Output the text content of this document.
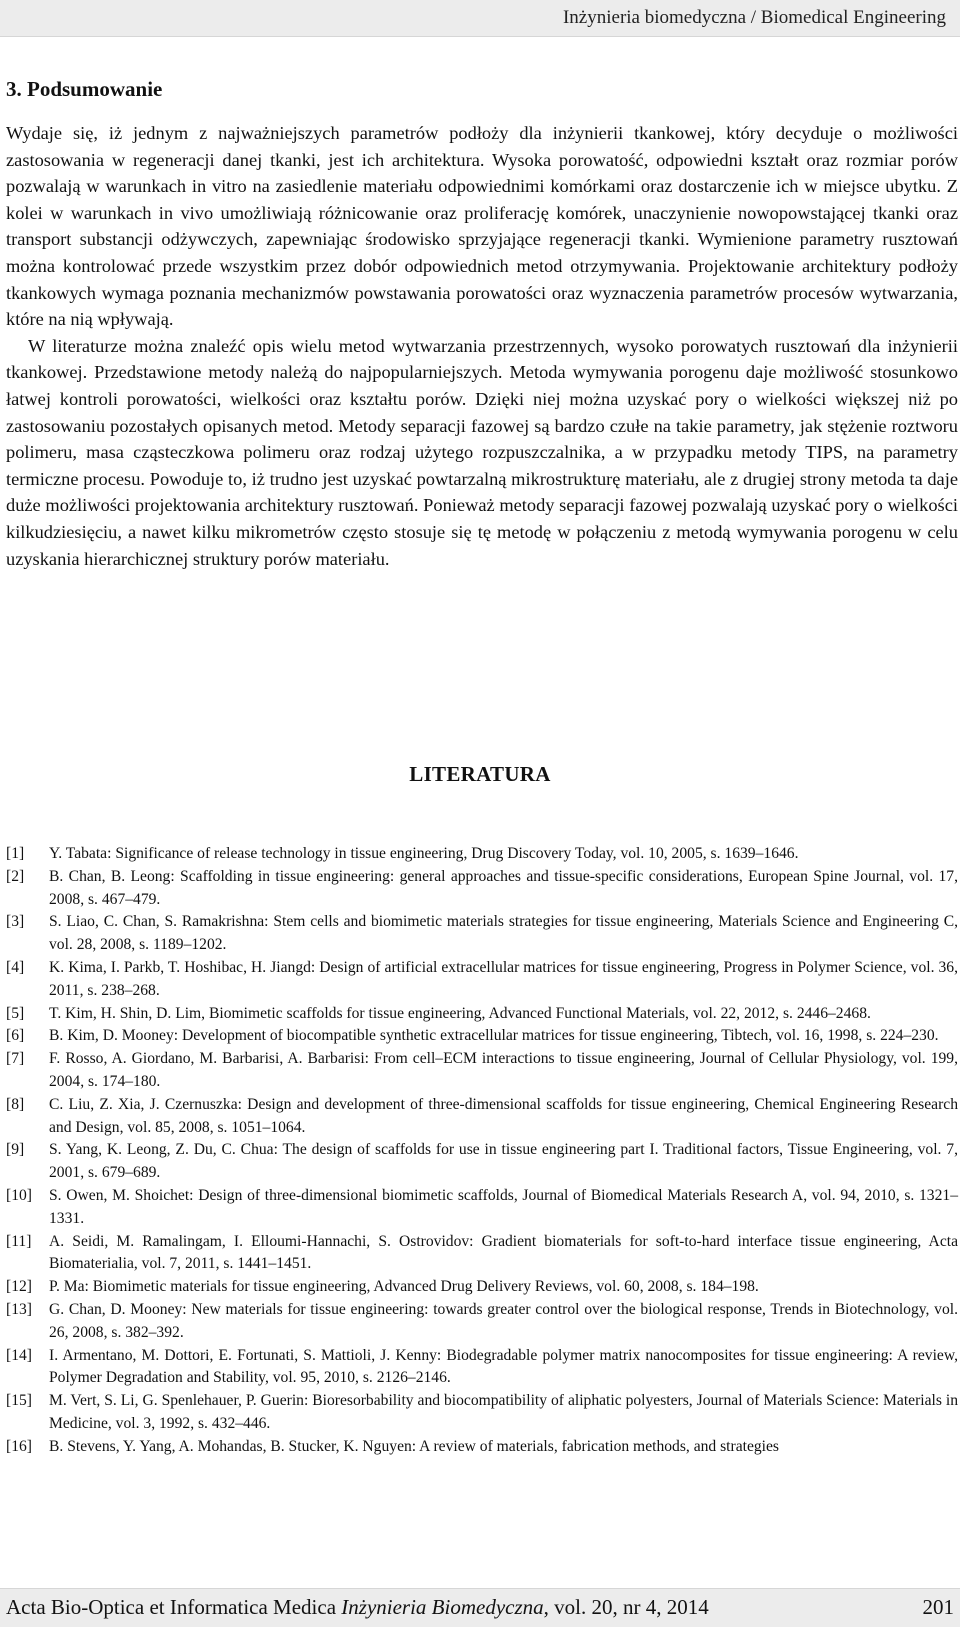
Inżynieria biomedyczna / Biomedical Engineering
3. Podsumowanie

Wydaje się, iż jednym z najważniejszych parametrów podłoży dla inżynierii tkankowej, który decyduje o możliwości zastosowania w regeneracji danej tkanki, jest ich architektura. Wysoka porowatość, odpowiedni kształt oraz rozmiar porów pozwalają w warunkach in vitro na zasiedlenie materiału odpowiednimi komórkami oraz dostarczenie ich w miejsce ubytku. Z kolei w warunkach in vivo umożliwiają różnicowanie oraz proliferację komórek, unaczynienie nowopowstającej tkanki oraz transport substancji odżywczych, zapewniając środowisko sprzyjające regeneracji tkanki. Wymienione parametry rusztowań można kontrolować przede wszystkim przez dobór odpowiednich metod otrzymywania. Projektowanie architektury podłoży tkankowych wymaga poznania mechanizmów powstawania porowatości oraz wyznaczenia parametrów procesów wytwarzania, które na nią wpływają.

W literaturze można znaleźć opis wielu metod wytwarzania przestrzennych, wysoko porowatych rusztowań dla inżynierii tkankowej. Przedstawione metody należą do najpopularniejszych. Metoda wymywania porogenu daje możliwość stosunkowo łatwej kontroli porowatości, wielkości oraz kształtu porów. Dzięki niej można uzyskać pory o wielkości większej niż po zastosowaniu pozostałych opisanych metod. Metody separacji fazowej są bardzo czułe na takie parametry, jak stężenie roztworu polimeru, masa cząsteczkowa polimeru oraz rodzaj użytego rozpuszczalnika, a w przypadku metody TIPS, na parametry termiczne procesu. Powoduje to, iż trudno jest uzyskać powtarzalną mikrostrukturę materiału, ale z drugiej strony metoda ta daje duże możliwości projektowania architektury rusztowań. Ponieważ metody separacji fazowej pozwalają uzyskać pory o wielkości kilkudziesięciu, a nawet kilku mikrometrów często stosuje się tę metodę w połączeniu z metodą wymywania porogenu w celu uzyskania hierarchicznej struktury porów materiału.

LITERATURA
[1]	Y. Tabata: Significance of release technology in tissue engineering, Drug Discovery Today, vol. 10, 2005, s. 1639–1646.
[2]	B. Chan, B. Leong: Scaffolding in tissue engineering: general approaches and tissue-specific considerations, European Spine Journal, vol. 17, 2008, s. 467–479.
[3]	S. Liao, C. Chan, S. Ramakrishna: Stem cells and biomimetic materials strategies for tissue engineering, Materials Science and Engineering C, vol. 28, 2008, s. 1189–1202.
[4]	K. Kima, I. Parkb, T. Hoshibac, H. Jiangd: Design of artificial extracellular matrices for tissue engineering, Progress in Polymer Science, vol. 36, 2011, s. 238–268.
[5]	T. Kim, H. Shin, D. Lim, Biomimetic scaffolds for tissue engineering, Advanced Functional Materials, vol. 22, 2012, s. 2446–2468.
[6]	B. Kim, D. Mooney: Development of biocompatible synthetic extracellular matrices for tissue engineering, Tibtech, vol. 16, 1998, s. 224–230.
[7]	F. Rosso, A. Giordano, M. Barbarisi, A. Barbarisi: From cell–ECM interactions to tissue engineering, Journal of Cellular Physiology, vol. 199, 2004, s. 174–180.
[8]	C. Liu, Z. Xia, J. Czernuszka: Design and development of three-dimensional scaffolds for tissue engineering, Chemical Engineering Research and Design, vol. 85, 2008, s. 1051–1064.
[9]	S. Yang, K. Leong, Z. Du, C. Chua: The design of scaffolds for use in tissue engineering part I. Traditional factors, Tissue Engineering, vol. 7, 2001, s. 679–689.
[10]	S. Owen, M. Shoichet: Design of three-dimensional biomimetic scaffolds, Journal of Biomedical Materials Research A, vol. 94, 2010, s. 1321–1331.
[11]	A. Seidi, M. Ramalingam, I. Elloumi-Hannachi, S. Ostrovidov: Gradient biomaterials for soft-to-hard interface tissue engineering, Acta Biomaterialia, vol. 7, 2011, s. 1441–1451.
[12]	P. Ma: Biomimetic materials for tissue engineering, Advanced Drug Delivery Reviews, vol. 60, 2008, s. 184–198.
[13]	G. Chan, D. Mooney: New materials for tissue engineering: towards greater control over the biological response, Trends in Biotechnology, vol. 26, 2008, s. 382–392.
[14]	I. Armentano, M. Dottori, E. Fortunati, S. Mattioli, J. Kenny: Biodegradable polymer matrix nanocomposites for tissue engineering: A review, Polymer Degradation and Stability, vol. 95, 2010, s. 2126–2146.
[15]	M. Vert, S. Li, G. Spenlehauer, P. Guerin: Bioresorbability and biocompatibility of aliphatic polyesters, Journal of Materials Science: Materials in Medicine, vol. 3, 1992, s. 432–446.
[16]	B. Stevens, Y. Yang, A. Mohandas, B. Stucker, K. Nguyen: A review of materials, fabrication methods, and strategies
Acta Bio-Optica et Informatica Medica Inżynieria Biomedyczna, vol. 20, nr 4, 2014	201
